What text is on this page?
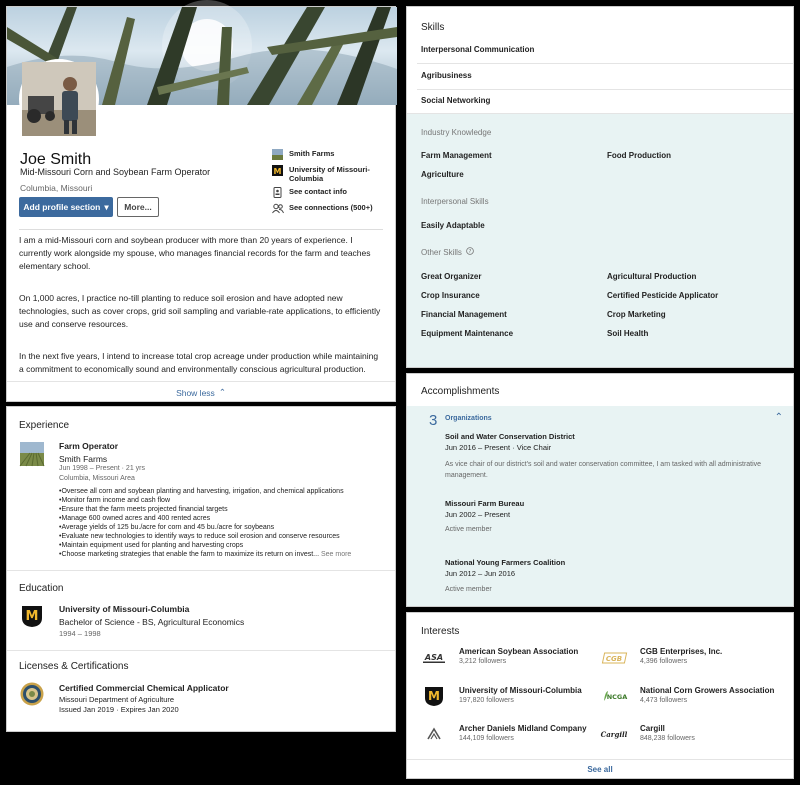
Joe Smith
Mid-Missouri Corn and Soybean Farm Operator
Columbia, Missouri
Add profile section ▾	More...
Smith Farms
M University of Missouri-Columbia
See contact info
See connections (500+)

I am a mid-Missouri corn and soybean producer with more than 20 years of experience. I currently work alongside my spouse, who manages financial records for the farm and teaches elementary school.

On 1,000 acres, I practice no-till planting to reduce soil erosion and have adopted new technologies, such as cover crops, grid soil sampling and variable-rate applications, to efficiently use and conserve resources.

In the next five years, I intend to increase total crop acreage under production while maintaining a commitment to economically sound and environmentally conscious agricultural production.

Show less ⌃
Experience
Farm Operator
Smith Farms
Jun 1998 – Present · 21 yrs
Columbia, Missouri Area
•Oversee all corn and soybean planting and harvesting, irrigation, and chemical applications
•Monitor farm income and cash flow
•Ensure that the farm meets projected financial targets
•Manage 600 owned acres and 400 rented acres
•Average yields of 125 bu./acre for corn and 45 bu./acre for soybeans
•Evaluate new technologies to identify ways to reduce soil erosion and conserve resources
•Maintain equipment used for planting and harvesting crops
•Choose marketing strategies that enable the farm to maximize its return on invest... See more
Education
M University of Missouri-Columbia
Bachelor of Science - BS, Agricultural Economics
1994 – 1998
Licenses & Certifications
Certified Commercial Chemical Applicator
Missouri Department of Agriculture
Issued Jan 2019 · Expires Jan 2020
Skills
Interpersonal Communication
Agribusiness
Social Networking
Industry Knowledge
Farm Management	Food Production
Agriculture
Interpersonal Skills
Easily Adaptable
Other Skills ?
Great Organizer	Agricultural Production
Crop Insurance	Certified Pesticide Applicator
Financial Management	Crop Marketing
Equipment Maintenance	Soil Health
Accomplishments
3 Organizations	⌃
Soil and Water Conservation District
Jun 2016 – Present · Vice Chair
As vice chair of our district's soil and water conservation committee, I am tasked with all administrative management.
Missouri Farm Bureau
Jun 2002 – Present
Active member
National Young Farmers Coalition
Jun 2012 – Jun 2016
Active member
Interests
ASA
American Soybean Association
3,212 followers	CGB
CGB Enterprises, Inc.
4,396 followers
M University of Missouri-Columbia
197,820 followers	NCGA
National Corn Growers Association
4,473 followers
Archer Daniels Midland Company
144,109 followers	Cargill
Cargill
848,238 followers
See all
